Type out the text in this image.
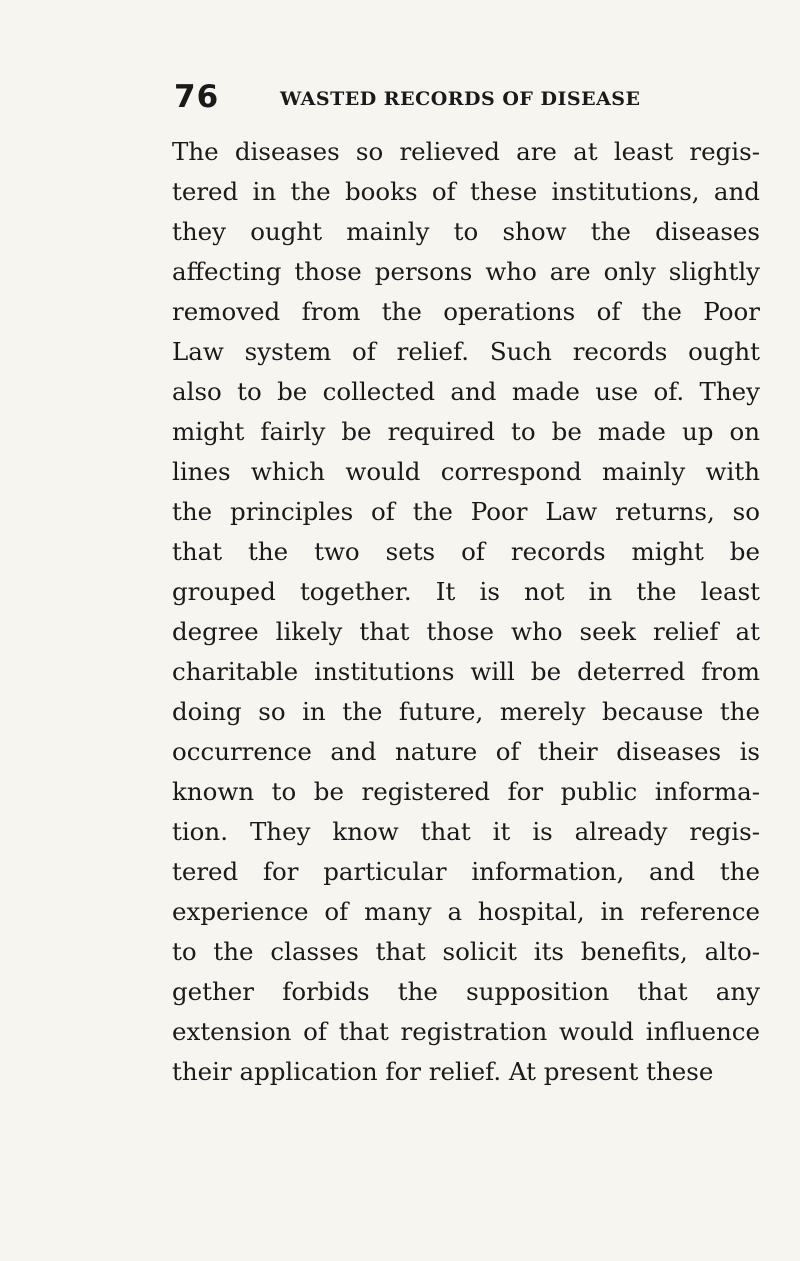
76	WASTED RECORDS OF DISEASE
The diseases so relieved are at least regis-
tered in the books of these institutions, and
they ought mainly to show the diseases
affecting those persons who are only slightly
removed from the operations of the Poor
Law system of relief. Such records ought
also to be collected and made use of. They
might fairly be required to be made up on
lines which would correspond mainly with
the principles of the Poor Law returns, so
that the two sets of records might be
grouped together. It is not in the least
degree likely that those who seek relief at
charitable institutions will be deterred from
doing so in the future, merely because the
occurrence and nature of their diseases is
known to be registered for public informa-
tion. They know that it is already regis-
tered for particular information, and the
experience of many a hospital, in reference
to the classes that solicit its benefits, alto-
gether forbids the supposition that any
extension of that registration would influence
their application for relief. At present these
